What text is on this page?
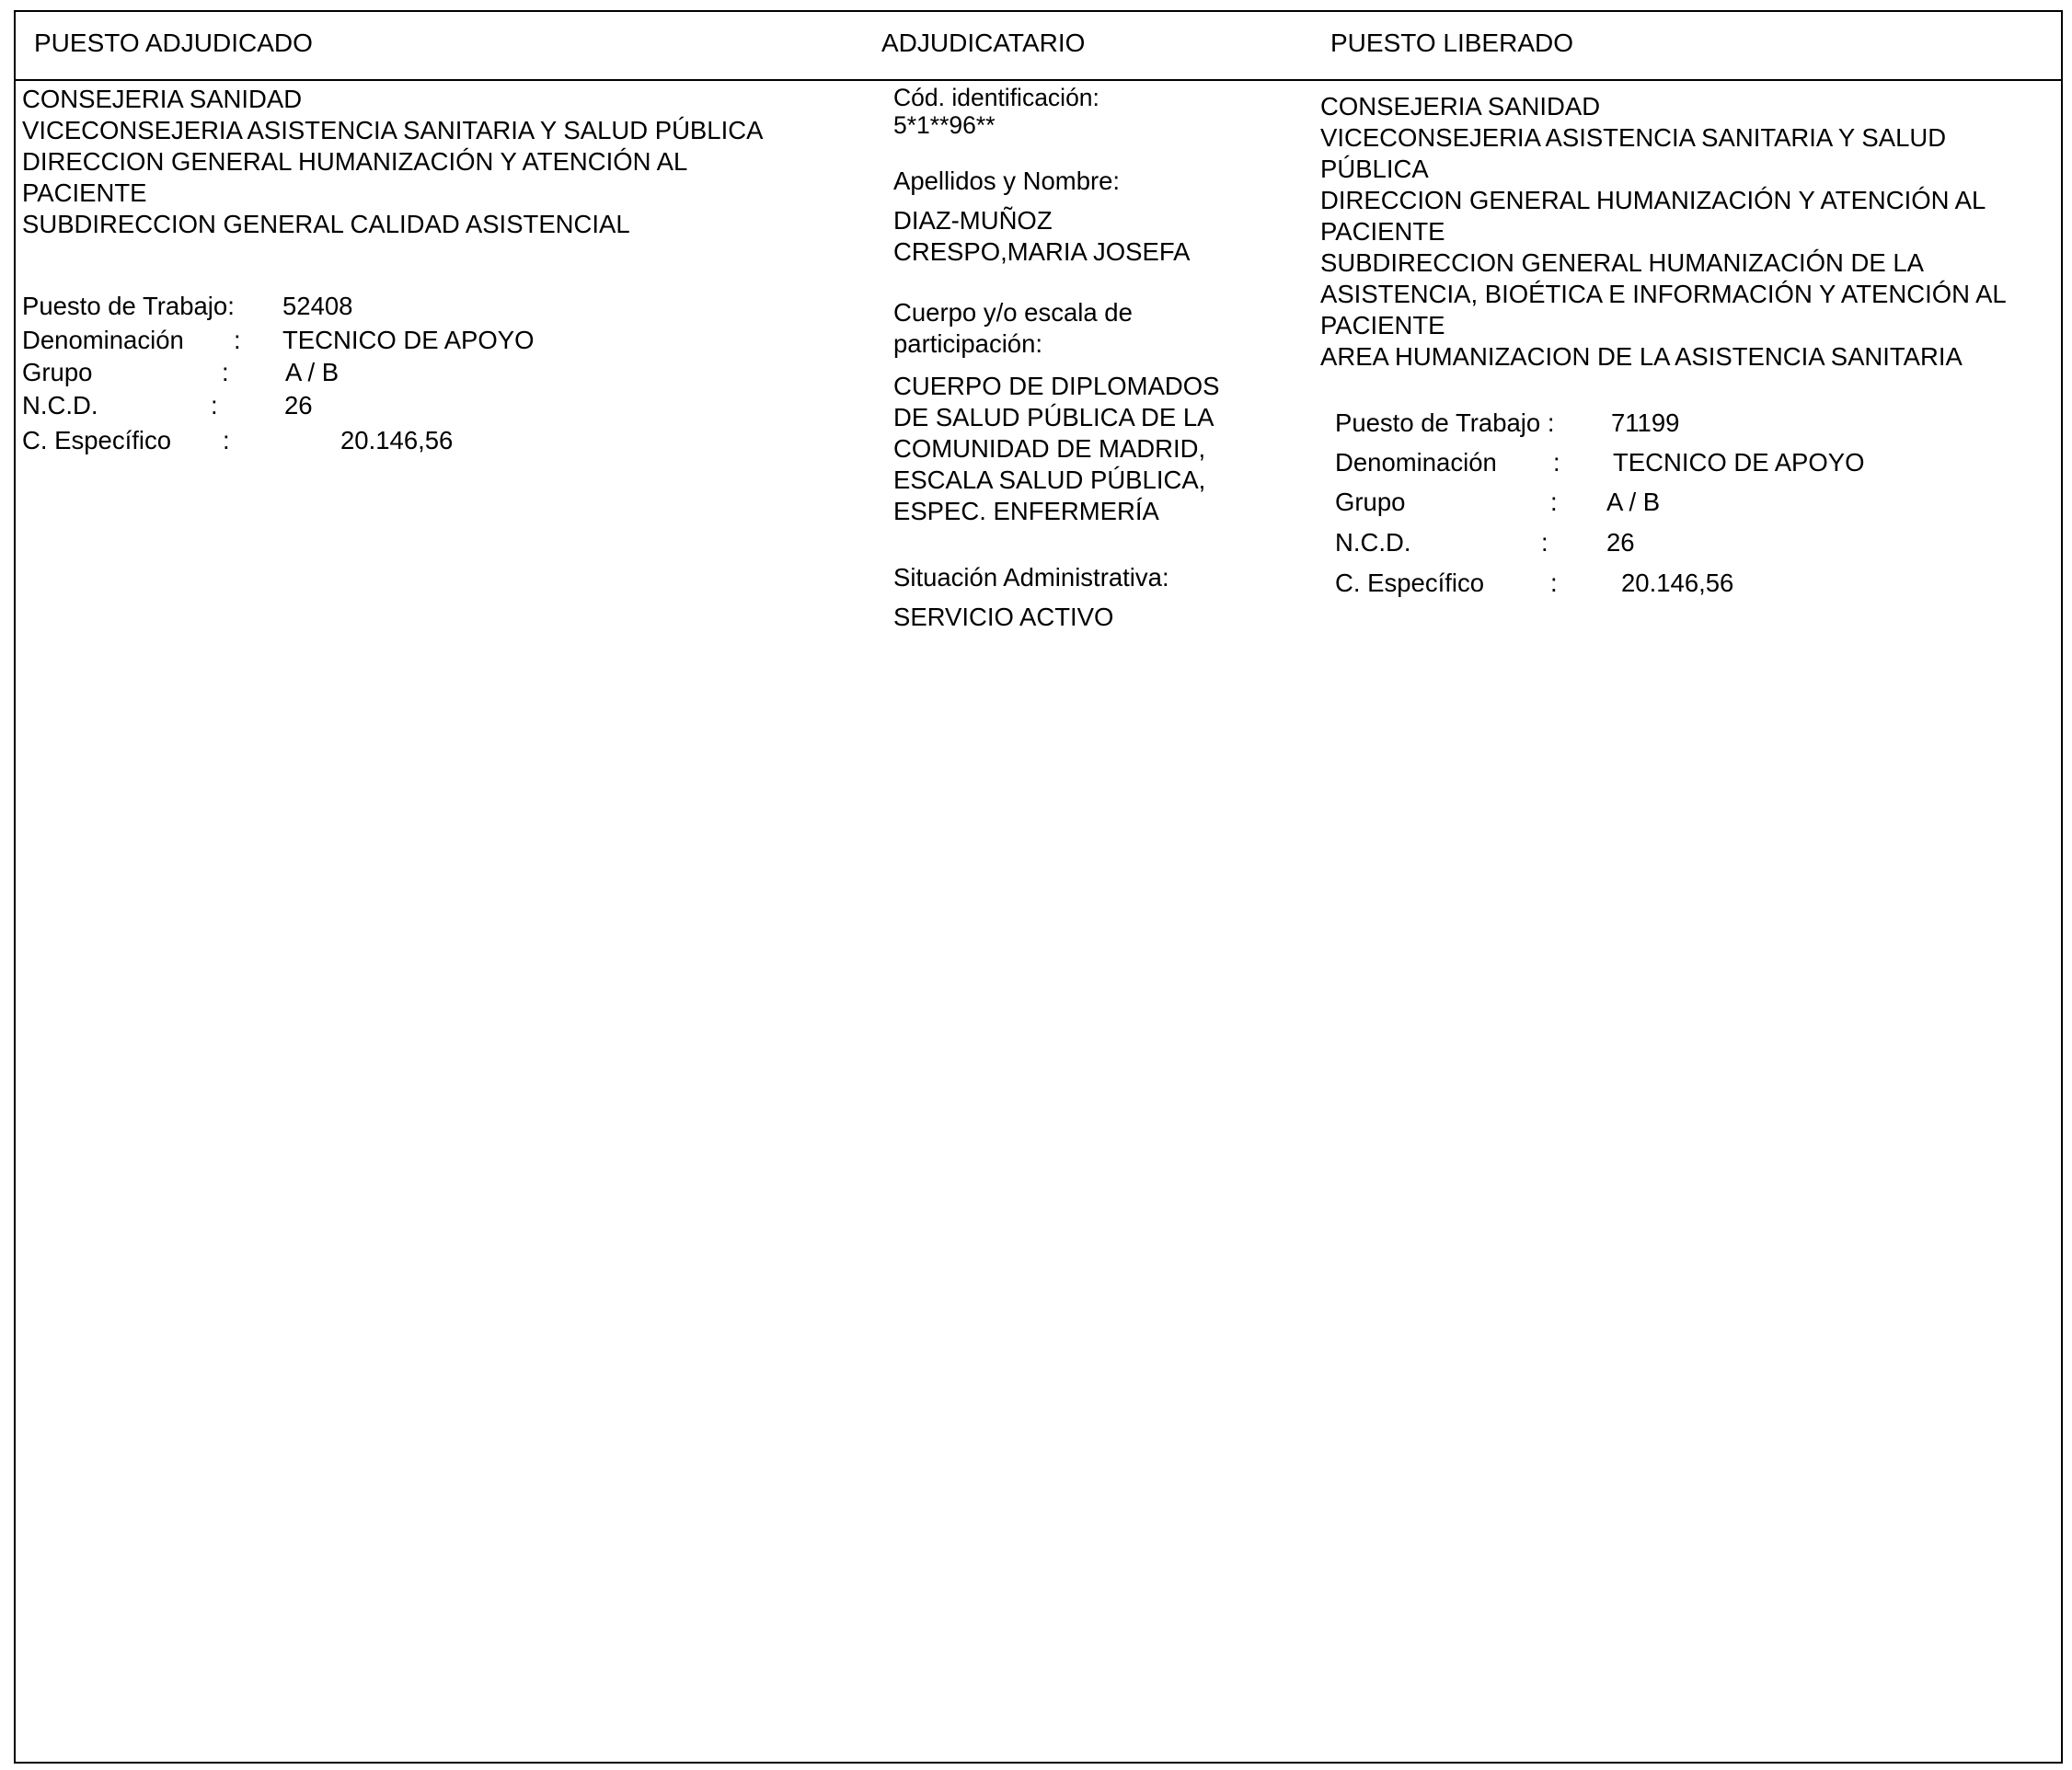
PUESTO ADJUDICADO	ADJUDICATARIO	PUESTO LIBERADO
CONSEJERIA SANIDAD
VICECONSEJERIA ASISTENCIA SANITARIA Y SALUD PÚBLICA
DIRECCION GENERAL HUMANIZACIÓN Y ATENCIÓN AL
PACIENTE
SUBDIRECCION GENERAL CALIDAD ASISTENCIAL
Puesto de Trabajo: 52408
Denominación : TECNICO DE APOYO
Grupo	: A / B
N.C.D.	:	26
C. Específico :	20.146,56
Cód. identificación:
5*1**96**
Apellidos y Nombre:
DIAZ-MUÑOZ
CRESPO,MARIA JOSEFA
Cuerpo y/o escala de
participación:
CUERPO DE DIPLOMADOS
DE SALUD PÚBLICA DE LA
COMUNIDAD DE MADRID,
ESCALA SALUD PÚBLICA,
ESPEC. ENFERMERÍA
Situación Administrativa:
SERVICIO ACTIVO
CONSEJERIA SANIDAD
VICECONSEJERIA ASISTENCIA SANITARIA Y SALUD
PÚBLICA
DIRECCION GENERAL HUMANIZACIÓN Y ATENCIÓN AL
PACIENTE
SUBDIRECCION GENERAL HUMANIZACIÓN DE LA
ASISTENCIA, BIOÉTICA E INFORMACIÓN Y ATENCIÓN AL
PACIENTE
AREA HUMANIZACION DE LA ASISTENCIA SANITARIA
Puesto de Trabajo : 71199
Denominación : TECNICO DE APOYO
Grupo	: A / B
N.C.D.	: 26
C. Específico	:	20.146,56
